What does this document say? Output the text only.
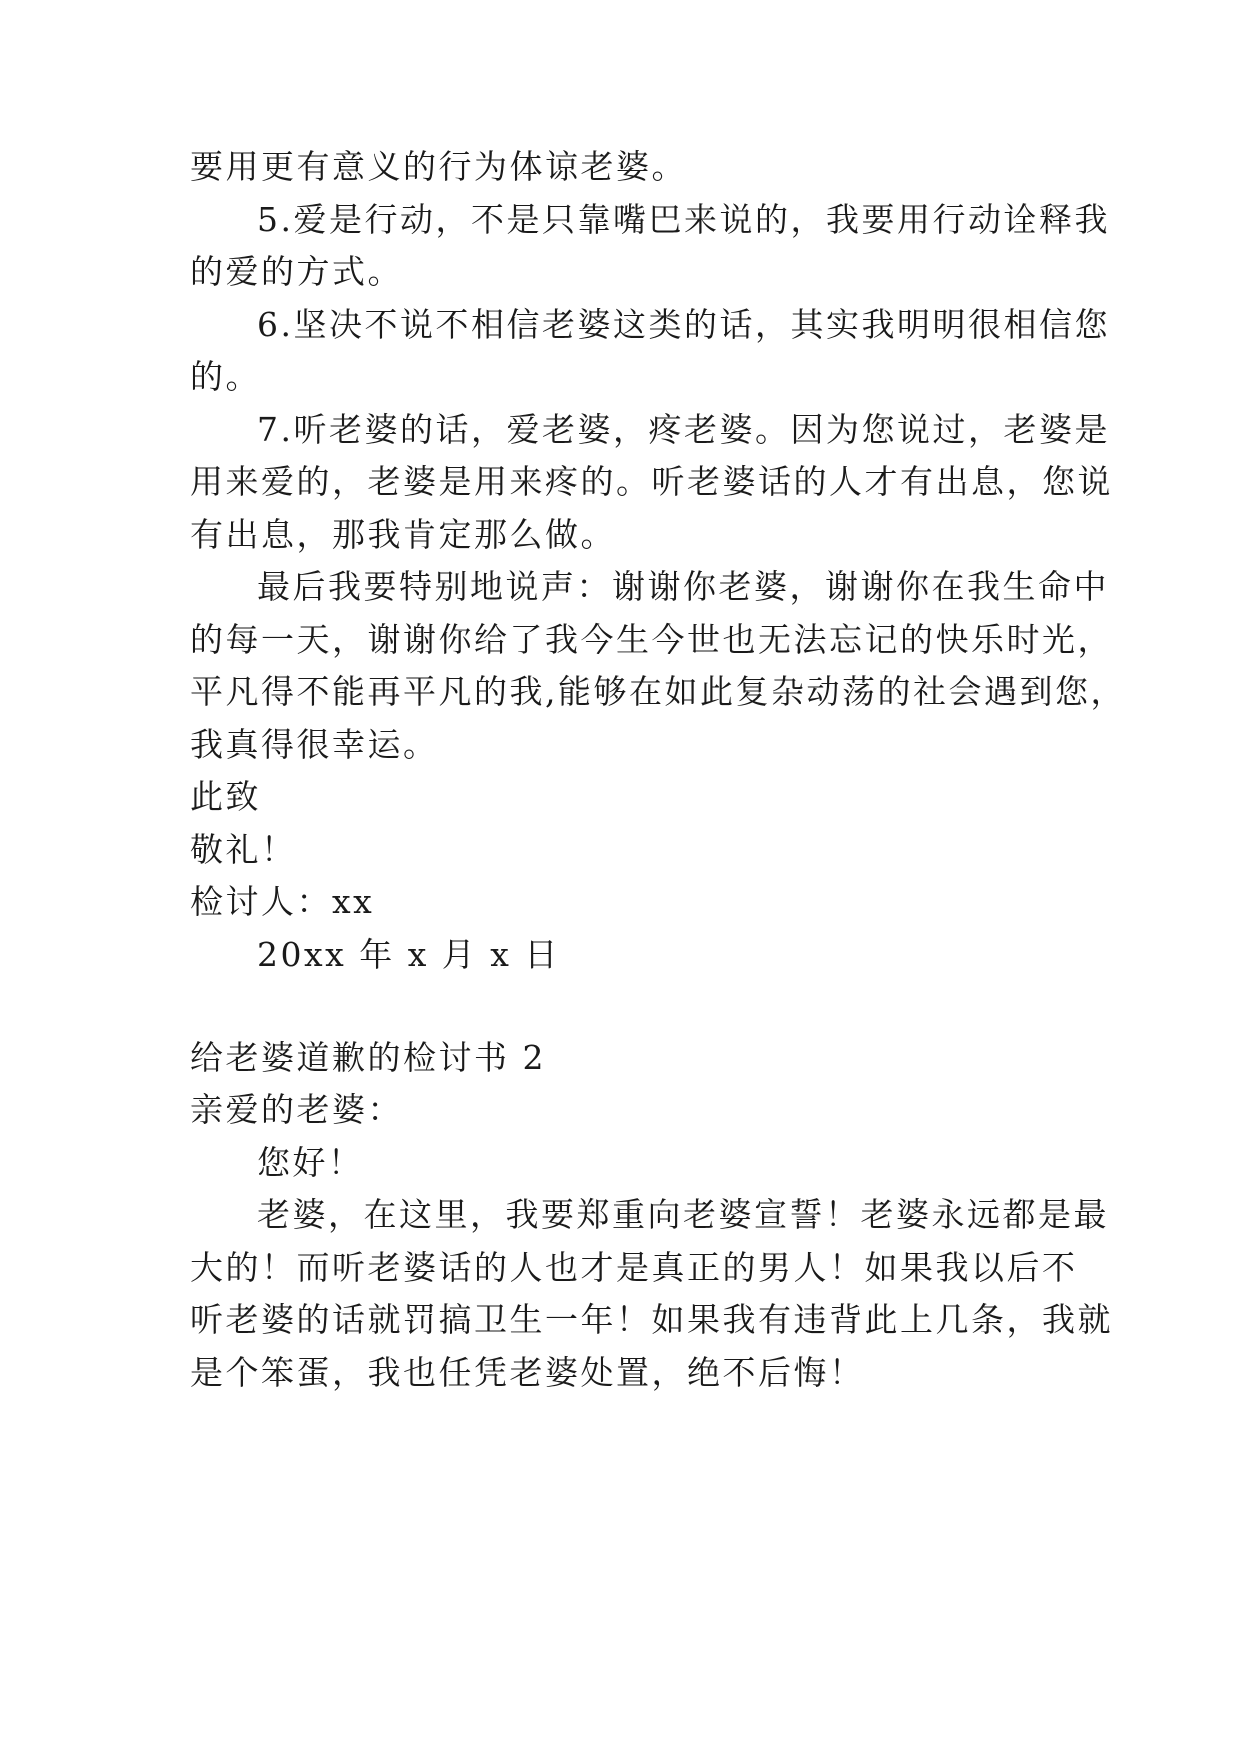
要用更有意义的行为体谅老婆。
5.爱是行动，不是只靠嘴巴来说的，我要用行动诠释我
的爱的方式。
6.坚决不说不相信老婆这类的话，其实我明明很相信您
的。
7.听老婆的话，爱老婆，疼老婆。因为您说过，老婆是
用来爱的，老婆是用来疼的。听老婆话的人才有出息，您说
有出息，那我肯定那么做。
最后我要特别地说声：谢谢你老婆，谢谢你在我生命中
的每一天，谢谢你给了我今生今世也无法忘记的快乐时光，
平凡得不能再平凡的我,能够在如此复杂动荡的社会遇到您，
我真得很幸运。
此致
敬礼！
检讨人：xx
20xx 年 x 月 x 日
给老婆道歉的检讨书 2
亲爱的老婆：
您好！
老婆，在这里，我要郑重向老婆宣誓！老婆永远都是最
大的！而听老婆话的人也才是真正的男人！如果我以后不
听老婆的话就罚搞卫生一年！如果我有违背此上几条，我就
是个笨蛋，我也任凭老婆处置，绝不后悔！
